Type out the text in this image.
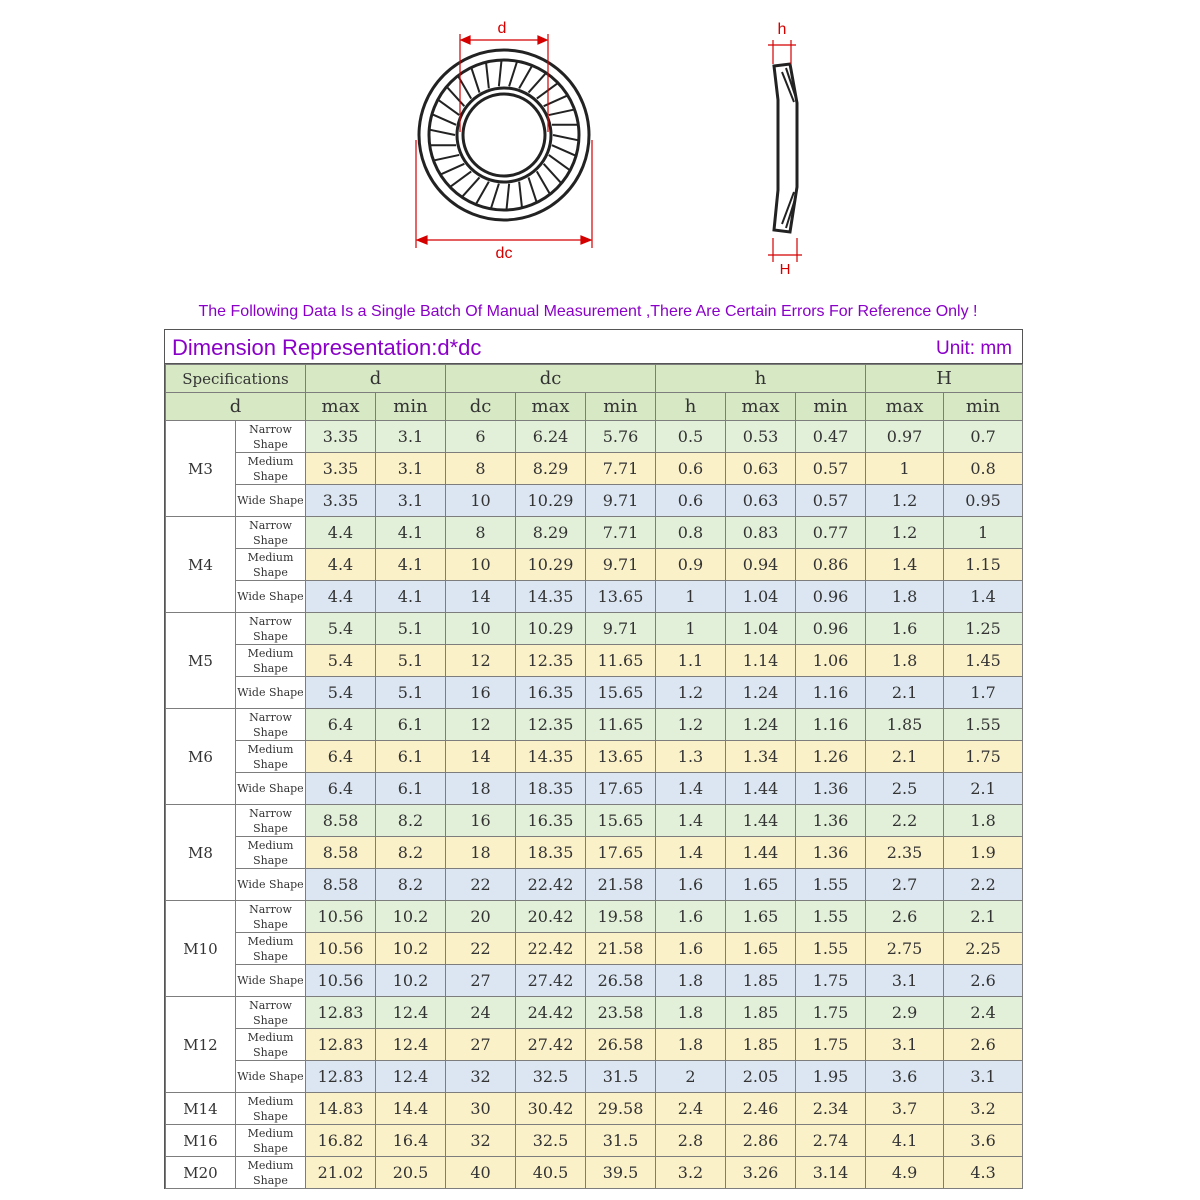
d
dc
h
H
The Following Data Is a Single Batch Of Manual Measurement ,There Are Certain Errors For Reference Only !
Dimension Representation:d*dc	Unit: mm
Specifications		d		dc			h			H	
d		max	min	dc	max	min	h	max	min	max	min
M3	Narrow Shape	3.35	3.1	6	6.24	5.76	0.5	0.53	0.47	0.97	0.7
	Medium Shape	3.35	3.1	8	8.29	7.71	0.6	0.63	0.57	1	0.8
	Wide Shape	3.35	3.1	10	10.29	9.71	0.6	0.63	0.57	1.2	0.95
M4	Narrow Shape	4.4	4.1	8	8.29	7.71	0.8	0.83	0.77	1.2	1
	Medium Shape	4.4	4.1	10	10.29	9.71	0.9	0.94	0.86	1.4	1.15
	Wide Shape	4.4	4.1	14	14.35	13.65	1	1.04	0.96	1.8	1.4
M5	Narrow Shape	5.4	5.1	10	10.29	9.71	1	1.04	0.96	1.6	1.25
	Medium Shape	5.4	5.1	12	12.35	11.65	1.1	1.14	1.06	1.8	1.45
	Wide Shape	5.4	5.1	16	16.35	15.65	1.2	1.24	1.16	2.1	1.7
M6	Narrow Shape	6.4	6.1	12	12.35	11.65	1.2	1.24	1.16	1.85	1.55
	Medium Shape	6.4	6.1	14	14.35	13.65	1.3	1.34	1.26	2.1	1.75
	Wide Shape	6.4	6.1	18	18.35	17.65	1.4	1.44	1.36	2.5	2.1
M8	Narrow Shape	8.58	8.2	16	16.35	15.65	1.4	1.44	1.36	2.2	1.8
	Medium Shape	8.58	8.2	18	18.35	17.65	1.4	1.44	1.36	2.35	1.9
	Wide Shape	8.58	8.2	22	22.42	21.58	1.6	1.65	1.55	2.7	2.2
M10	Narrow Shape	10.56	10.2	20	20.42	19.58	1.6	1.65	1.55	2.6	2.1
	Medium Shape	10.56	10.2	22	22.42	21.58	1.6	1.65	1.55	2.75	2.25
	Wide Shape	10.56	10.2	27	27.42	26.58	1.8	1.85	1.75	3.1	2.6
M12	Narrow Shape	12.83	12.4	24	24.42	23.58	1.8	1.85	1.75	2.9	2.4
	Medium Shape	12.83	12.4	27	27.42	26.58	1.8	1.85	1.75	3.1	2.6
	Wide Shape	12.83	12.4	32	32.5	31.5	2	2.05	1.95	3.6	3.1
M14	Medium Shape	14.83	14.4	30	30.42	29.58	2.4	2.46	2.34	3.7	3.2
M16	Medium Shape	16.82	16.4	32	32.5	31.5	2.8	2.86	2.74	4.1	3.6
M20	Medium Shape	21.02	20.5	40	40.5	39.5	3.2	3.26	3.14	4.9	4.3
